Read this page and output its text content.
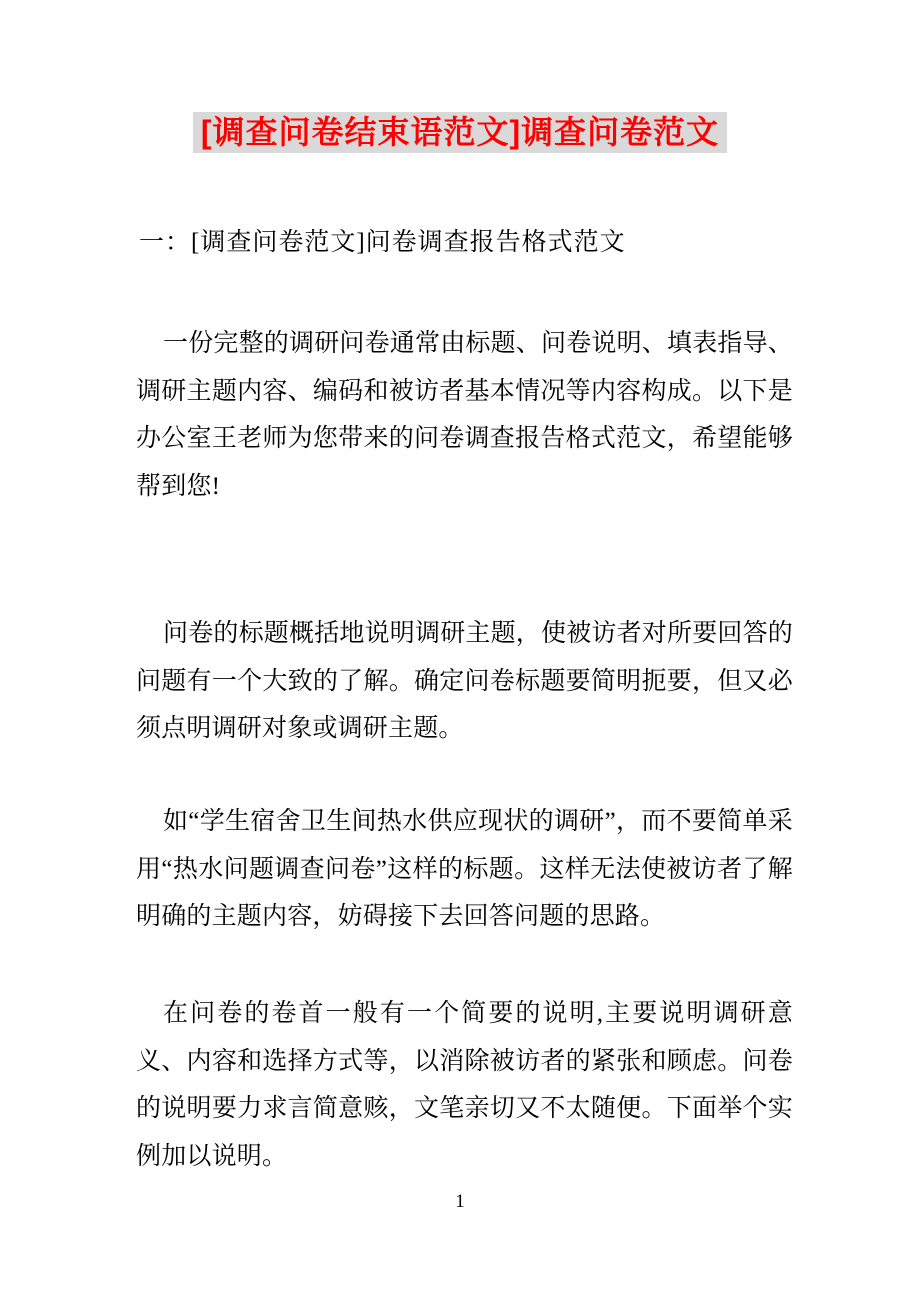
[调查问卷结束语范文]调查问卷范文
一：[调查问卷范文]问卷调查报告格式范文

一份完整的调研问卷通常由标题、问卷说明、填表指导、调研主题内容、编码和被访者基本情况等内容构成。以下是办公室王老师为您带来的问卷调查报告格式范文，希望能够帮到您!

问卷的标题概括地说明调研主题，使被访者对所要回答的问题有一个大致的了解。确定问卷标题要简明扼要，但又必须点明调研对象或调研主题。

如“学生宿舍卫生间热水供应现状的调研”，而不要简单采用“热水问题调查问卷”这样的标题。这样无法使被访者了解明确的主题内容，妨碍接下去回答问题的思路。

在问卷的卷首一般有一个简要的说明,主要说明调研意义、内容和选择方式等，以消除被访者的紧张和顾虑。问卷的说明要力求言简意赅，文笔亲切又不太随便。下面举个实例加以说明。

1
